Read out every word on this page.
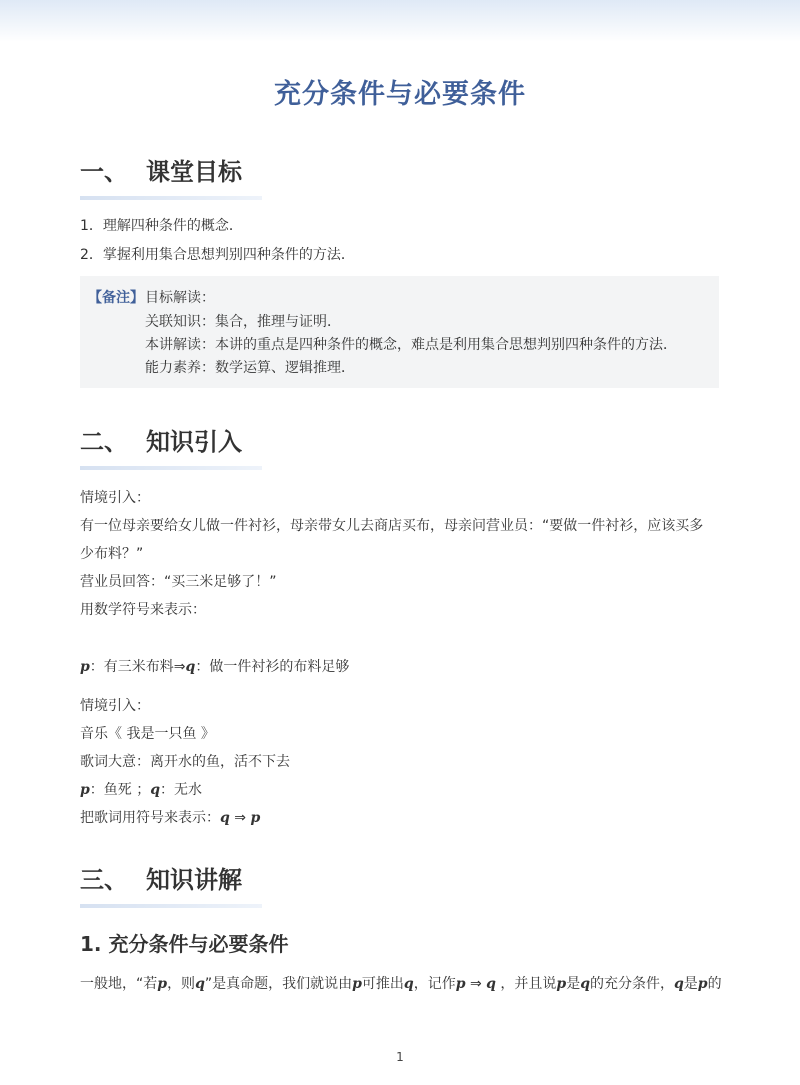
充分条件与必要条件
一、 课堂目标

1．理解四种条件的概念．

2．掌握利用集合思想判别四种条件的方法．

【备注】 目标解读：

关联知识：集合，推理与证明．

本讲解读：本讲的重点是四种条件的概念，难点是利用集合思想判别四种条件的方法．

能力素养：数学运算、逻辑推理．

二、 知识引入

情境引入：

有一位母亲要给女儿做一件衬衫，母亲带女儿去商店买布，母亲问营业员：“要做一件衬衫，应该买多

少布料？”

营业员回答：“买三米足够了！”

用数学符号来表示：

p：有三米布料⇒q：做一件衬衫的布料足够

情境引入：

音乐《 我是一只鱼 》

歌词大意：离开水的鱼，活不下去

p：鱼死 ；q：无水

把歌词用符号来表示：q ⇒ p

三、 知识讲解
1. 充分条件与必要条件

一般地，“若p，则q”是真命题，我们就说由p可推出q，记作p ⇒ q ，并且说p是q的充分条件，q是p的

1
